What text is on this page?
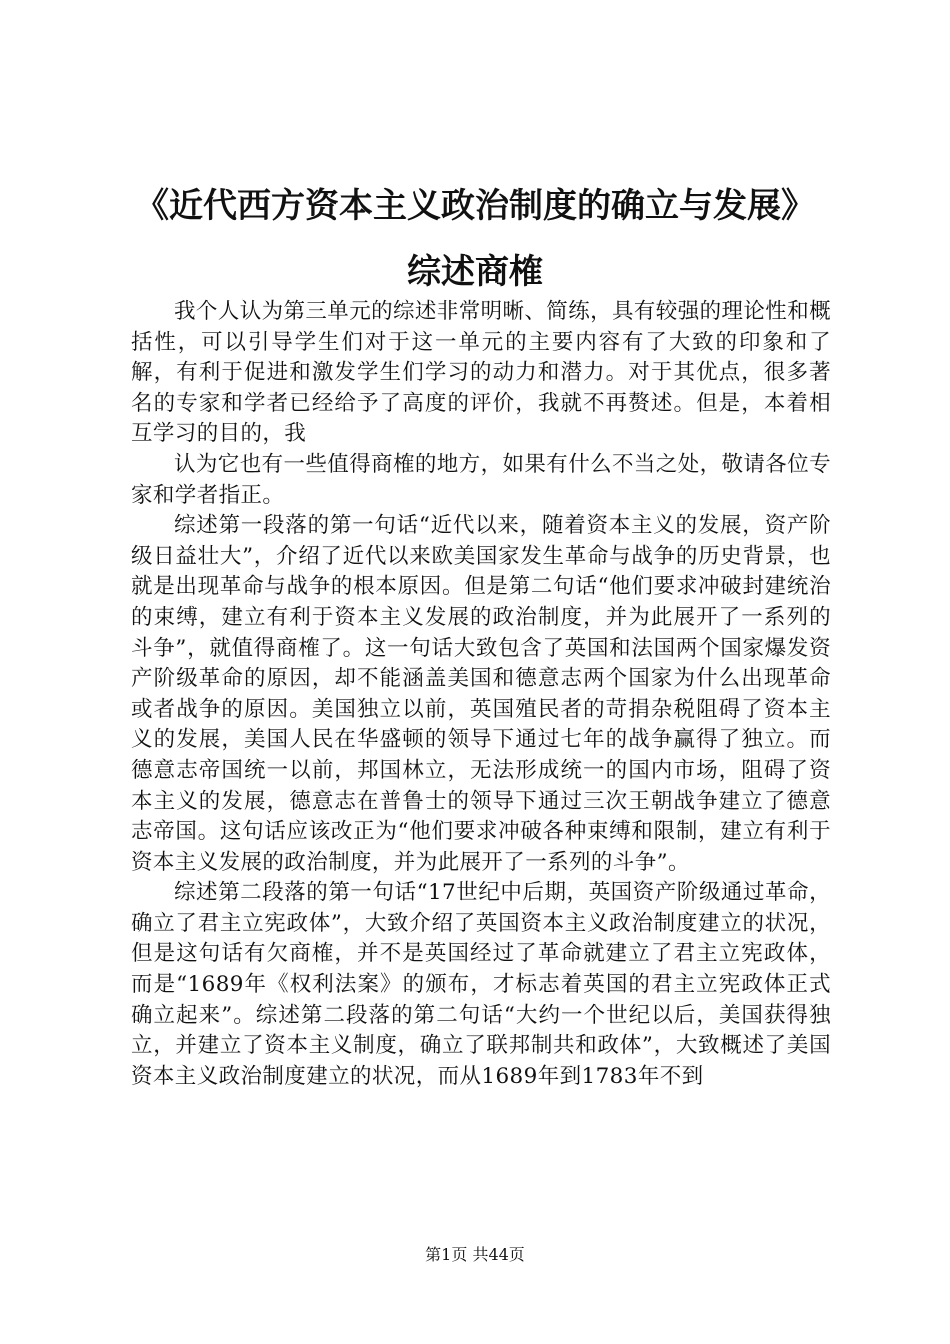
《近代西方资本主义政治制度的确立与发展》
综述商榷

我个人认为第三单元的综述非常明晰、简练，具有较强的理论性和概括性，可以引导学生们对于这一单元的主要内容有了大致的印象和了解，有利于促进和激发学生们学习的动力和潜力。对于其优点，很多著名的专家和学者已经给予了高度的评价，我就不再赘述。但是，本着相互学习的目的，我

认为它也有一些值得商榷的地方，如果有什么不当之处，敬请各位专家和学者指正。

综述第一段落的第一句话“近代以来，随着资本主义的发展，资产阶级日益壮大”，介绍了近代以来欧美国家发生革命与战争的历史背景，也就是出现革命与战争的根本原因。但是第二句话“他们要求冲破封建统治的束缚，建立有利于资本主义发展的政治制度，并为此展开了一系列的斗争”，就值得商榷了。这一句话大致包含了英国和法国两个国家爆发资产阶级革命的原因，却不能涵盖美国和德意志两个国家为什么出现革命或者战争的原因。美国独立以前，英国殖民者的苛捐杂税阻碍了资本主义的发展，美国人民在华盛顿的领导下通过七年的战争赢得了独立。而德意志帝国统一以前，邦国林立，无法形成统一的国内市场，阻碍了资本主义的发展，德意志在普鲁士的领导下通过三次王朝战争建立了德意志帝国。这句话应该改正为“他们要求冲破各种束缚和限制，建立有利于资本主义发展的政治制度，并为此展开了一系列的斗争”。

综述第二段落的第一句话“17世纪中后期，英国资产阶级通过革命，确立了君主立宪政体”，大致介绍了英国资本主义政治制度建立的状况，但是这句话有欠商榷，并不是英国经过了革命就建立了君主立宪政体，而是“1689年《权利法案》的颁布，才标志着英国的君主立宪政体正式确立起来”。综述第二段落的第二句话“大约一个世纪以后，美国获得独立，并建立了资本主义制度，确立了联邦制共和政体”，大致概述了美国资本主义政治制度建立的状况，而从1689年到1783年不到

第1页 共44页
